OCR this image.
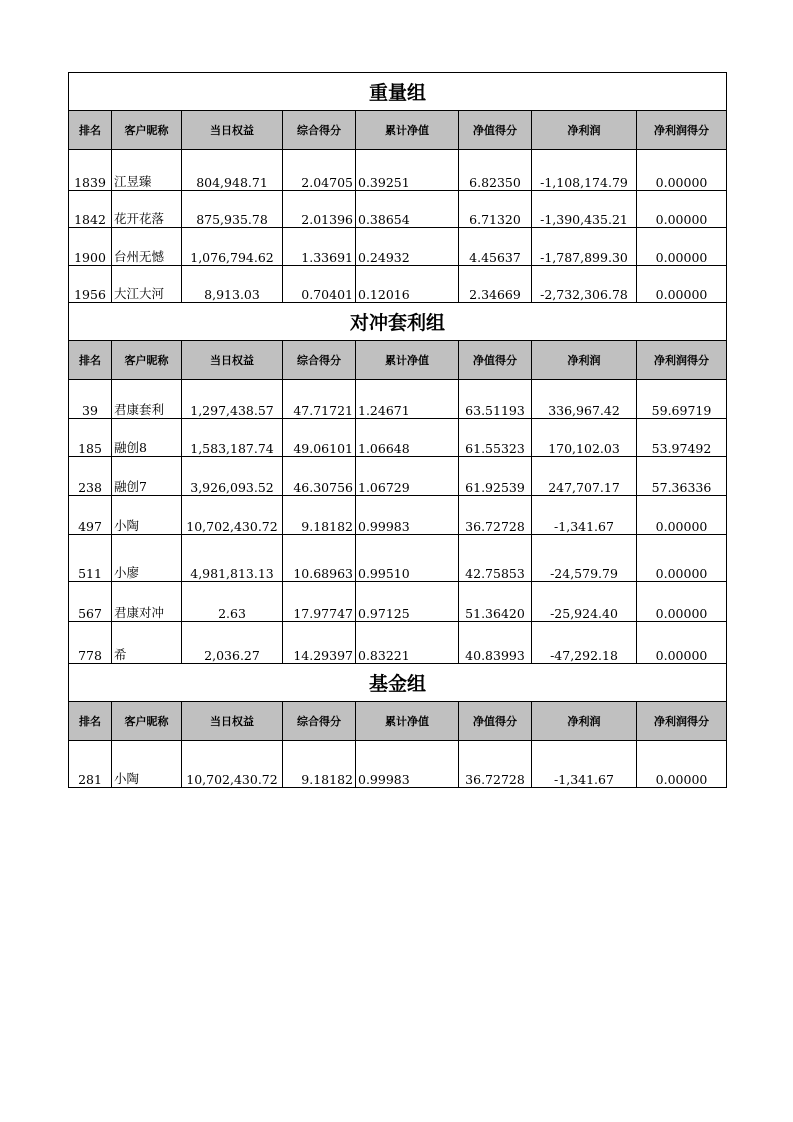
重量组							
排名	客户昵称	当日权益	综合得分	累计净值	净值得分	净利润	净利润得分
1839	江昱臻	804,948.71	2.04705	0.39251	6.82350	-1,108,174.79	0.00000
1842	花开花落	875,935.78	2.01396	0.38654	6.71320	-1,390,435.21	0.00000
1900	台州无憾	1,076,794.62	1.33691	0.24932	4.45637	-1,787,899.30	0.00000
1956	大江大河	8,913.03	0.70401	0.12016	2.34669	-2,732,306.78	0.00000
对冲套利组							
排名	客户昵称	当日权益	综合得分	累计净值	净值得分	净利润	净利润得分
39	君康套利	1,297,438.57	47.71721	1.24671	63.51193	336,967.42	59.69719
185	融创8	1,583,187.74	49.06101	1.06648	61.55323	170,102.03	53.97492
238	融创7	3,926,093.52	46.30756	1.06729	61.92539	247,707.17	57.36336
497	小陶	10,702,430.72	9.18182	0.99983	36.72728	-1,341.67	0.00000
511	小廖	4,981,813.13	10.68963	0.99510	42.75853	-24,579.79	0.00000
567	君康对冲	2.63	17.97747	0.97125	51.36420	-25,924.40	0.00000
778	希	2,036.27	14.29397	0.83221	40.83993	-47,292.18	0.00000
基金组							
排名	客户昵称	当日权益	综合得分	累计净值	净值得分	净利润	净利润得分
281	小陶	10,702,430.72	9.18182	0.99983	36.72728	-1,341.67	0.00000
